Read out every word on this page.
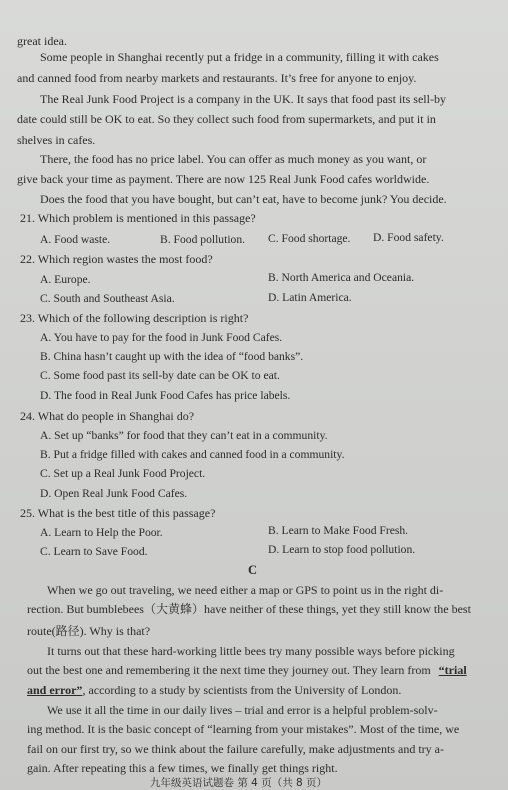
great idea.
Some people in Shanghai recently put a fridge in a community, filling it with cakes
and canned food from nearby markets and restaurants. It’s free for anyone to enjoy.
The Real Junk Food Project is a company in the UK. It says that food past its sell-by
date could still be OK to eat. So they collect such food from supermarkets, and put it in
shelves in cafes.
There, the food has no price label. You can offer as much money as you want, or
give back your time as payment. There are now 125 Real Junk Food cafes worldwide.
Does the food that you have bought, but can’t eat, have to become junk? You decide.
21. Which problem is mentioned in this passage?
A. Food waste.	B. Food pollution. C. Food shortage. D. Food safety.
22. Which region wastes the most food?
A. Europe.	B. North America and Oceania.
C. South and Southeast Asia.	D. Latin America.
23. Which of the following description is right?
A. You have to pay for the food in Junk Food Cafes.
B. China hasn’t caught up with the idea of “food banks”.
C. Some food past its sell-by date can be OK to eat.
D. The food in Real Junk Food Cafes has price labels.
24. What do people in Shanghai do?
A. Set up “banks” for food that they can’t eat in a community.
B. Put a fridge filled with cakes and canned food in a community.
C. Set up a Real Junk Food Project.
D. Open Real Junk Food Cafes.
25. What is the best title of this passage?
A. Learn to Help the Poor.	B. Learn to Make Food Fresh.
C. Learn to Save Food.	D. Learn to stop food pollution.
C
When we go out traveling, we need either a map or GPS to point us in the right di-
rection. But bumblebees（大黄蜂）have neither of these things, yet they still know the best
route(路径). Why is that?
It turns out that these hard-working little bees try many possible ways before picking
out the best one and remembering it the next time they journey out. They learn from “trial
and error”, according to a study by scientists from the University of London.
We use it all the time in our daily lives – trial and error is a helpful problem-solv-
ing method. It is the basic concept of “learning from your mistakes”. Most of the time, we
fail on our first try, so we think about the failure carefully, make adjustments and try a-
gain. After repeating this a few times, we finally get things right.
九年级英语试题卷 第 4 页（共 8 页）
